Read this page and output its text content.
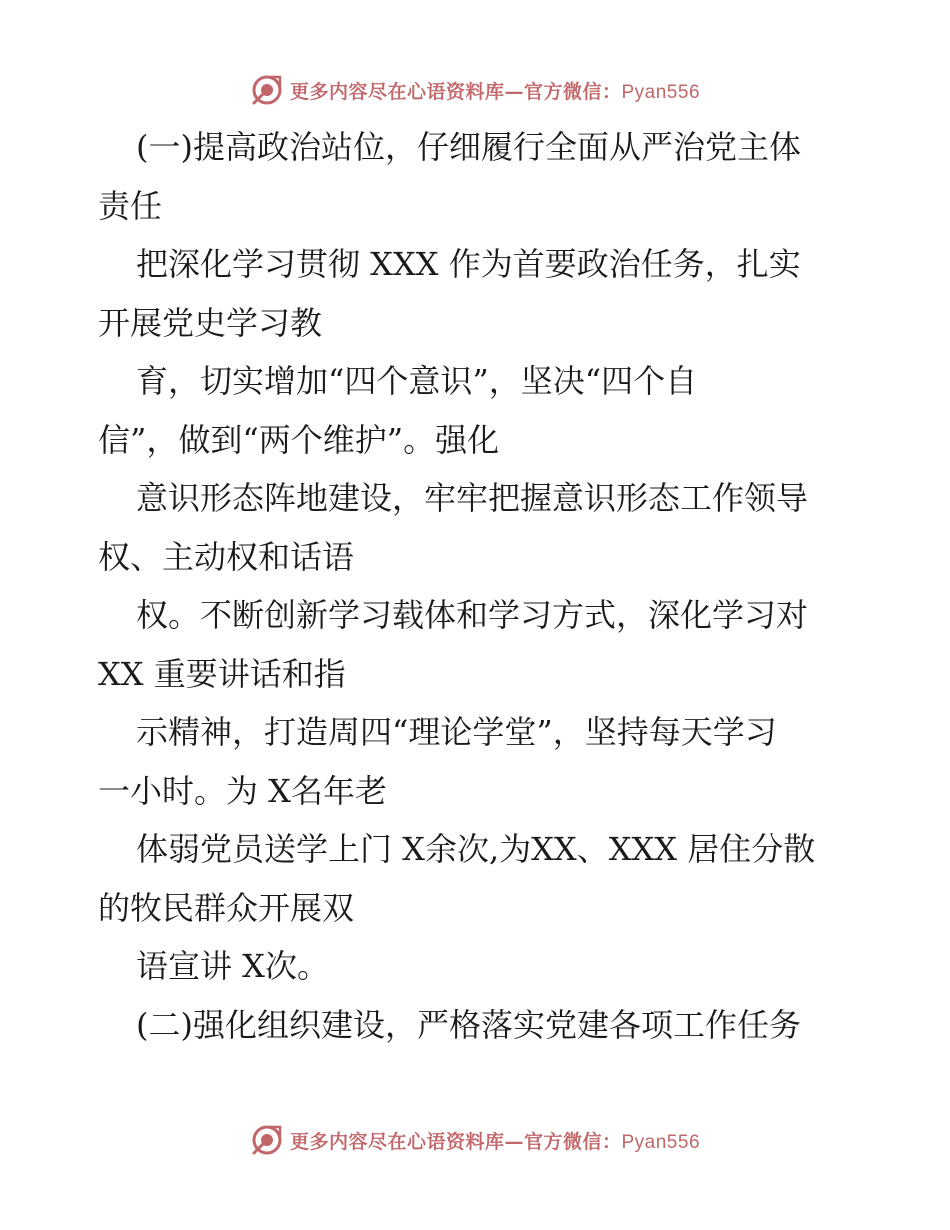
更多内容尽在心语资料库—官方微信：Pyan556
(一)提高政治站位，仔细履行全面从严治党主体
责任
把深化学习贯彻 XXX 作为首要政治任务，扎实
开展党史学习教
育，切实增加“四个意识”，坚决“四个自
信”，做到“两个维护”。强化
意识形态阵地建设，牢牢把握意识形态工作领导
权、主动权和话语
权。不断创新学习载体和学习方式，深化学习对
XX 重要讲话和指
示精神，打造周四“理论学堂”，坚持每天学习
一小时。为 X名年老
体弱党员送学上门 X余次,为XX、XXX 居住分散
的牧民群众开展双
语宣讲 X次。
(二)强化组织建设，严格落实党建各项工作任务
更多内容尽在心语资料库—官方微信：Pyan556
